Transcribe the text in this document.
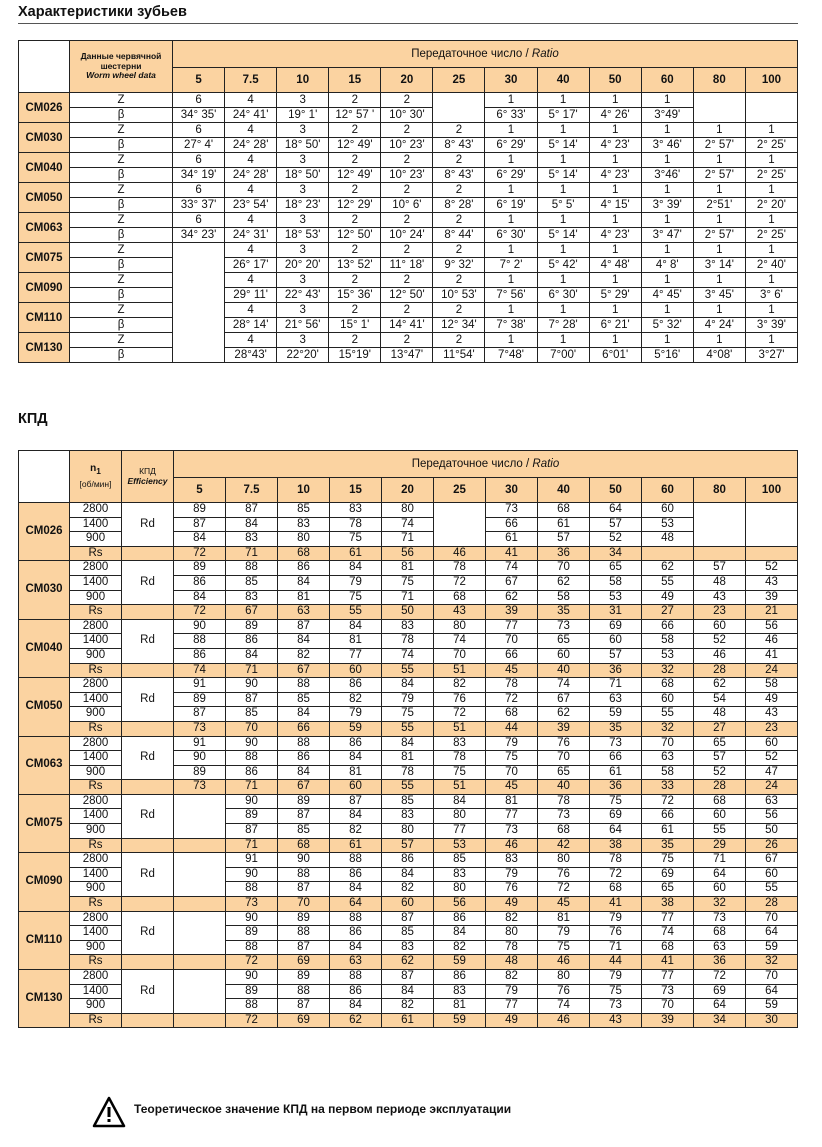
Характеристики зубьев
	Данные червячной шестерни
Worm wheel data	Передаточное число / Ratio											
		5	7.5	10	15	20	25	30	40	50	60	80	100
CM026	Z	6	4	3	2	2		1	1	1	1		
	β	34° 35'	24° 41'	19° 1'	12° 57 '	10° 30'		6° 33'	5° 17'	4° 26'	3°49'		
CM030	Z	6	4	3	2	2	2	1	1	1	1	1	1
	β	27° 4'	24° 28'	18° 50'	12° 49'	10° 23'	8° 43'	6° 29'	5° 14'	4° 23'	3° 46'	2° 57'	2° 25'
CM040	Z	6	4	3	2	2	2	1	1	1	1	1	1
	β	34° 19'	24° 28'	18° 50'	12° 49'	10° 23'	8° 43'	6° 29'	5° 14'	4° 23'	3°46'	2° 57'	2° 25'
CM050	Z	6	4	3	2	2	2	1	1	1	1	1	1
	β	33° 37'	23° 54'	18° 23'	12° 29'	10° 6'	8° 28'	6° 19'	5° 5'	4° 15'	3° 39'	2°51'	2° 20'
CM063	Z	6	4	3	2	2	2	1	1	1	1	1	1
	β	34° 23'	24° 31'	18° 53'	12° 50'	10° 24'	8° 44'	6° 30'	5° 14'	4° 23'	3° 47'	2° 57'	2° 25'
CM075	Z		4	3	2	2	2	1	1	1	1	1	1
	β		26° 17'	20° 20'	13° 52'	11° 18'	9° 32'	7° 2'	5° 42'	4° 48'	4° 8'	3° 14'	2° 40'
CM090	Z		4	3	2	2	2	1	1	1	1	1	1
	β		29° 11'	22° 43'	15° 36'	12° 50'	10° 53'	7° 56'	6° 30'	5° 29'	4° 45'	3° 45'	3° 6'
CM110	Z		4	3	2	2	2	1	1	1	1	1	1
	β		28° 14'	21° 56'	15° 1'	14° 41'	12° 34'	7° 38'	7° 28'	6° 21'	5° 32'	4° 24'	3° 39'
CM130	Z		4	3	2	2	2	1	1	1	1	1	1
	β		28°43'	22°20'	15°19'	13°47'	11°54'	7°48'	7°00'	6°01'	5°16'	4°08'	3°27'
КПД
	$n_1$
[об/мин]	КПД
Efficiency	Передаточное число / Ratio											
			5	7.5	10	15	20	25	30	40	50	60	80	100
CM026	2800	Rd	89	87	85	83	80		73	68	64	60		
	1400		87	84	83	78	74		66	61	57	53		
	900		84	83	80	75	71		61	57	52	48		
	Rs		72	71	68	61	56	46	41	36	34			
CM030	2800	Rd	89	88	86	84	81	78	74	70	65	62	57	52
	1400		86	85	84	79	75	72	67	62	58	55	48	43
	900		84	83	81	75	71	68	62	58	53	49	43	39
	Rs		72	67	63	55	50	43	39	35	31	27	23	21
CM040	2800	Rd	90	89	87	84	83	80	77	73	69	66	60	56
	1400		88	86	84	81	78	74	70	65	60	58	52	46
	900		86	84	82	77	74	70	66	60	57	53	46	41
	Rs		74	71	67	60	55	51	45	40	36	32	28	24
CM050	2800	Rd	91	90	88	86	84	82	78	74	71	68	62	58
	1400		89	87	85	82	79	76	72	67	63	60	54	49
	900		87	85	84	79	75	72	68	62	59	55	48	43
	Rs		73	70	66	59	55	51	44	39	35	32	27	23
CM063	2800	Rd	91	90	88	86	84	83	79	76	73	70	65	60
	1400		90	88	86	84	81	78	75	70	66	63	57	52
	900		89	86	84	81	78	75	70	65	61	58	52	47
	Rs		73	71	67	60	55	51	45	40	36	33	28	24
CM075	2800	Rd		90	89	87	85	84	81	78	75	72	68	63
	1400			89	87	84	83	80	77	73	69	66	60	56
	900			87	85	82	80	77	73	68	64	61	55	50
	Rs			71	68	61	57	53	46	42	38	35	29	26
CM090	2800	Rd		91	90	88	86	85	83	80	78	75	71	67
	1400			90	88	86	84	83	79	76	72	69	64	60
	900			88	87	84	82	80	76	72	68	65	60	55
	Rs			73	70	64	60	56	49	45	41	38	32	28
CM110	2800	Rd		90	89	88	87	86	82	81	79	77	73	70
	1400			89	88	86	85	84	80	79	76	74	68	64
	900			88	87	84	83	82	78	75	71	68	63	59
	Rs			72	69	63	62	59	48	46	44	41	36	32
CM130	2800	Rd		90	89	88	87	86	82	80	79	77	72	70
	1400			89	88	86	84	83	79	76	75	73	69	64
	900			88	87	84	82	81	77	74	73	70	64	59
	Rs			72	69	62	61	59	49	46	43	39	34	30
Теоретическое значение КПД на первом периоде эксплуатации
